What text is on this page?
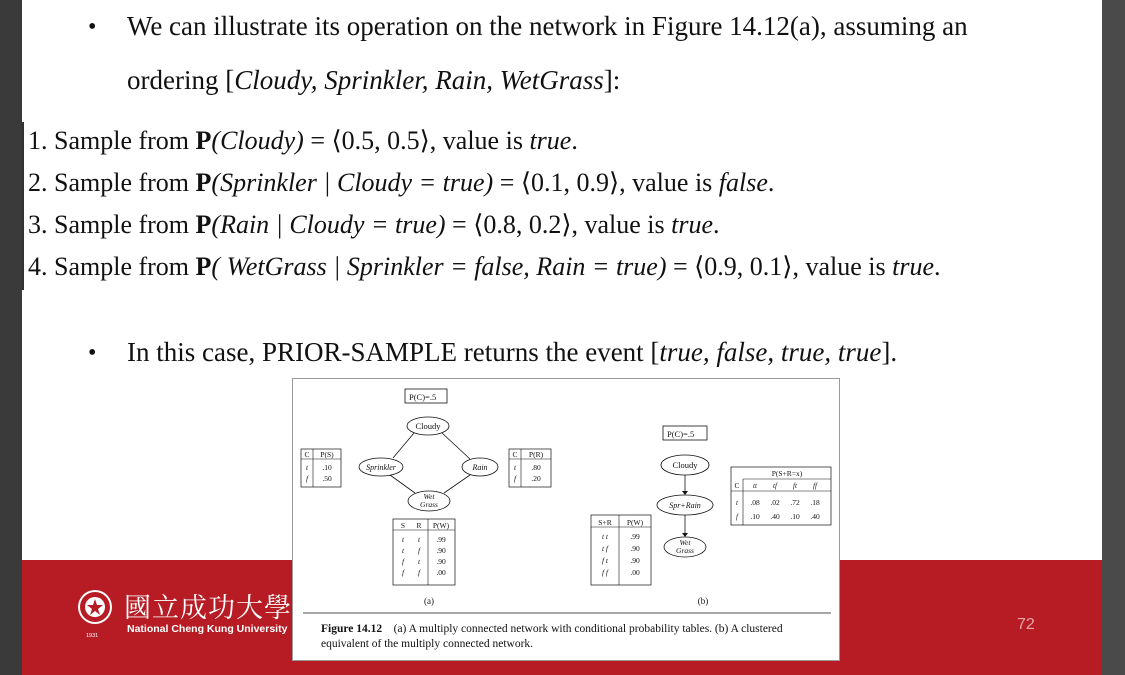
• We can illustrate its operation on the network in Figure 14.12(a), assuming an
ordering [Cloudy, Sprinkler, Rain, WetGrass]:
1. Sample from P(Cloudy) = ⟨0.5, 0.5⟩, value is true.
2. Sample from P(Sprinkler | Cloudy = true) = ⟨0.1, 0.9⟩, value is false.
3. Sample from P(Rain | Cloudy = true) = ⟨0.8, 0.2⟩, value is true.
4. Sample from P( WetGrass | Sprinkler = false, Rain = true) = ⟨0.9, 0.1⟩, value is true.
• In this case, PRIOR-SAMPLE returns the event [true, false, true, true].
1931
國立成功大學
National Cheng Kung University	72
P(C)=.5
Cloudy
Sprinkler	Rain
Wet
Grass
C P(S)
t .10
f .50
C P(R)
t .80
f .20
S R P(W)
t t
t f
f t
f f
.99
.90
.90
.00
(a)
P(C)=.5
Cloudy
Spr+Rain
Wet
Grass
P(S+R=x)
C tt tf ft ff
t
f
.08 .02 .72 .18
.10 .40 .10 .40
S+R P(W)
t t
t f
f t
f f
.99
.90
.90
.00
(b)
Figure 14.12 (a) A multiply connected network with conditional probability tables. (b) A clustered equivalent of the multiply connected network.
